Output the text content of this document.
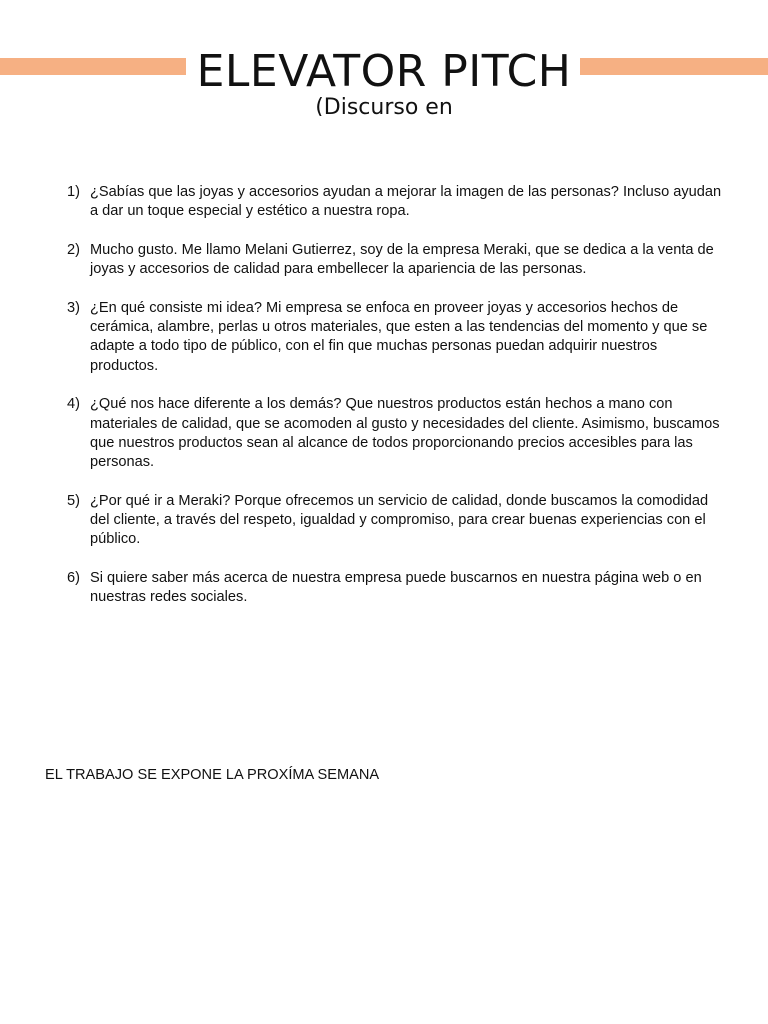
ELEVATOR PITCH
(Discurso en
1) ¿Sabías que las joyas y accesorios ayudan a mejorar la imagen de las personas? Incluso ayudan a dar un toque especial y estético a nuestra ropa.
2) Mucho gusto. Me llamo Melani Gutierrez, soy de la empresa Meraki, que se dedica a la venta de joyas y accesorios de calidad para embellecer la apariencia de las personas.
3) ¿En qué consiste mi idea? Mi empresa se enfoca en proveer joyas y accesorios hechos de cerámica, alambre, perlas u otros materiales, que esten a las tendencias del momento y que se adapte a todo tipo de público, con el fin que muchas personas puedan adquirir nuestros productos.
4) ¿Qué nos hace diferente a los demás? Que nuestros productos están hechos a mano con materiales de calidad, que se acomoden al gusto y necesidades del cliente. Asimismo, buscamos que nuestros productos sean al alcance de todos proporcionando precios accesibles para las personas.
5) ¿Por qué ir a Meraki? Porque ofrecemos un servicio de calidad, donde buscamos la comodidad del cliente, a través del respeto, igualdad y compromiso, para crear buenas experiencias con el público.
6) Si quiere saber más acerca de nuestra empresa puede buscarnos en nuestra página web o en nuestras redes sociales.

EL TRABAJO SE EXPONE LA PROXÍMA SEMANA
